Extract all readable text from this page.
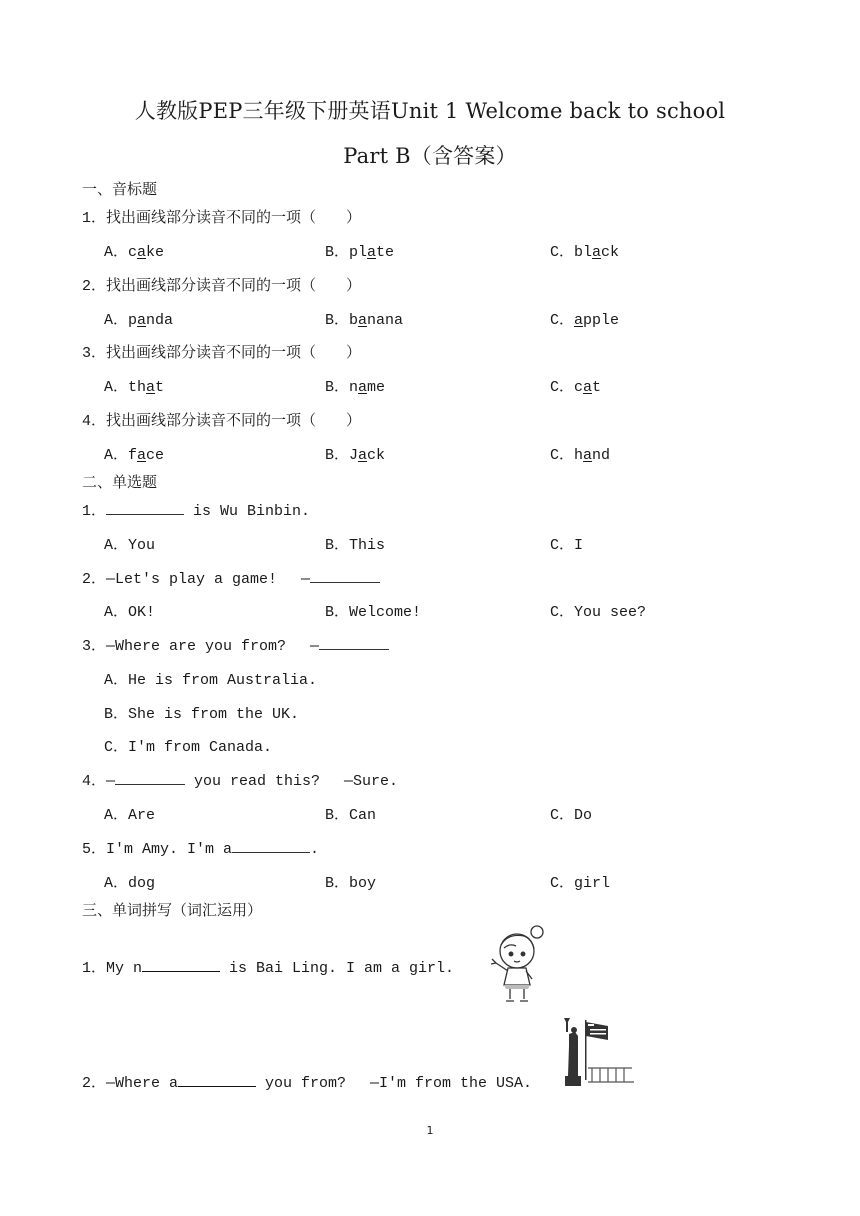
人教版PEP三年级下册英语Unit 1 Welcome back to school
Part B（含答案）
一、音标题
1．找出画线部分读音不同的一项（　　）
A．cake	B．plate	C．black
2．找出画线部分读音不同的一项（　　）
A．panda	B．banana	C．apple
3．找出画线部分读音不同的一项（　　）
A．that	B．name	C．cat
4．找出画线部分读音不同的一项（　　）
A．face	B．Jack	C．hand
二、单选题
1．	is Wu Binbin.
A．You	B．This	C．I
2．—Let's play a game!　 —
A．OK!	B．Welcome!	C．You see?
3．—Where are you from?　 —
A．He is from Australia.
B．She is from the UK.
C．I'm from Canada.
4．—	you read this?　 —Sure.
A．Are	B．Can	C．Do
5．I'm Amy. I'm a	.
A．dog	B．boy	C．girl
三、单词拼写（词汇运用）
1．My n	is Bai Ling. I am a girl.
2．—Where a	you from?　 —I'm from the USA.
1
